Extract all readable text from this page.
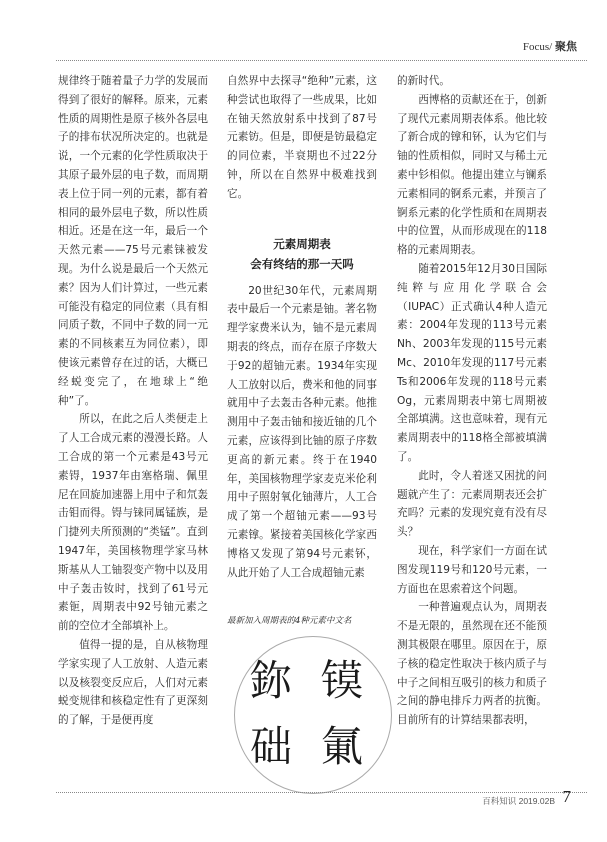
Focus/ 聚焦

规律终于随着量子力学的发展而得到了很好的解释。原来，元素性质的周期性是原子核外各层电子的排布状况所决定的。也就是说，一个元素的化学性质取决于其原子最外层的电子数，而周期表上位于同一列的元素，都有着相同的最外层电子数，所以性质相近。还是在这一年，最后一个天然元素——75号元素铼被发现。为什么说是最后一个天然元素？因为人们计算过，一些元素可能没有稳定的同位素（具有相同质子数，不同中子数的同一元素的不同核素互为同位素），即使该元素曾存在过的话，大概已经蜕变完了，在地球上“绝种”了。

所以，在此之后人类便走上了人工合成元素的漫漫长路。人工合成的第一个元素是43号元素锝，1937年由塞格瑞、佩里尼在回旋加速器上用中子和氘轰击钼而得。锝与铼同属锰族，是门捷列夫所预测的“类锰”。直到1947年，美国核物理学家马林斯基从人工铀裂变产物中以及用中子轰击钕时，找到了61号元素钷，周期表中92号铀元素之前的空位才全部填补上。

值得一提的是，自从核物理学家实现了人工放射、人造元素以及核裂变反应后，人们对元素蜕变规律和核稳定性有了更深刻的了解，于是便再度

自然界中去探寻“绝种”元素，这种尝试也取得了一些成果，比如在铀天然放射系中找到了87号元素钫。但是，即便是钫最稳定的同位素，半衰期也不过22分钟，所以在自然界中极难找到它。

元素周期表

会有终结的那一天吗

20世纪30年代，元素周期表中最后一个元素是铀。著名物理学家费米认为，铀不是元素周期表的终点，而存在原子序数大于92的超铀元素。1934年实现人工放射以后，费米和他的同事就用中子去轰击各种元素。他推测用中子轰击铀和接近铀的几个元素，应该得到比铀的原子序数更高的新元素。终于在1940年，美国核物理学家麦克米伦利用中子照射氧化铀薄片，人工合成了第一个超铀元素——93号元素镎。紧接着美国核化学家西博格又发现了第94号元素钚，从此开始了人工合成超铀元素

最新加入周期表的4种元素中文名
鉨 镆
础 氭

的新时代。

西博格的贡献还在于，创新了现代元素周期表体系。他比较了新合成的镎和钚，认为它们与铀的性质相似，同时又与稀土元素中钐相似。他提出建立与镧系元素相同的锕系元素，并预言了锕系元素的化学性质和在周期表中的位置，从而形成现在的118格的元素周期表。

随着2015年12月30日国际纯粹与应用化学联合会（IUPAC）正式确认4种人造元素：2004年发现的113号元素Nh、2003年发现的115号元素Mc、2010年发现的117号元素Ts和2006年发现的118号元素Og，元素周期表中第七周期被全部填满。这也意味着，现有元素周期表中的118格全部被填满了。

此时，令人着迷又困扰的问题就产生了：元素周期表还会扩充吗？元素的发现究竟有没有尽头？

现在，科学家们一方面在试图发现119号和120号元素，一方面也在思索着这个问题。

一种普遍观点认为，周期表不是无限的，虽然现在还不能预测其极限在哪里。原因在于，原子核的稳定性取决于核内质子与中子之间相互吸引的核力和质子之间的静电排斥力两者的抗衡。目前所有的计算结果都表明，

百科知识 2019.02B 7
